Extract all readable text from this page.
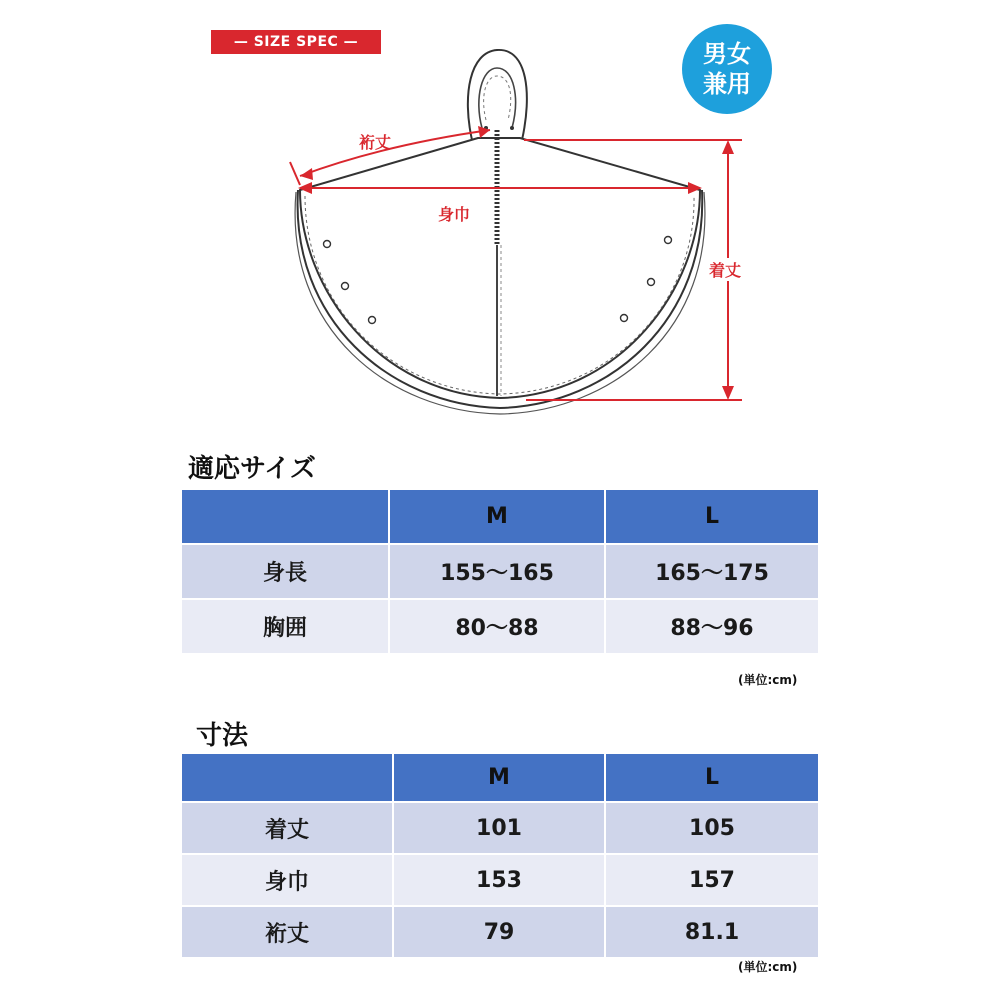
— SIZE SPEC —	男女
兼用
裄丈
身巾
着丈
適応サイズ
	M	L
身長	155〜165	165〜175
胸囲	80〜88	88〜96
(単位:cm)
寸法
	M	L
着丈	101	105
身巾	153	157
裄丈	79	81.1
(単位:cm)
